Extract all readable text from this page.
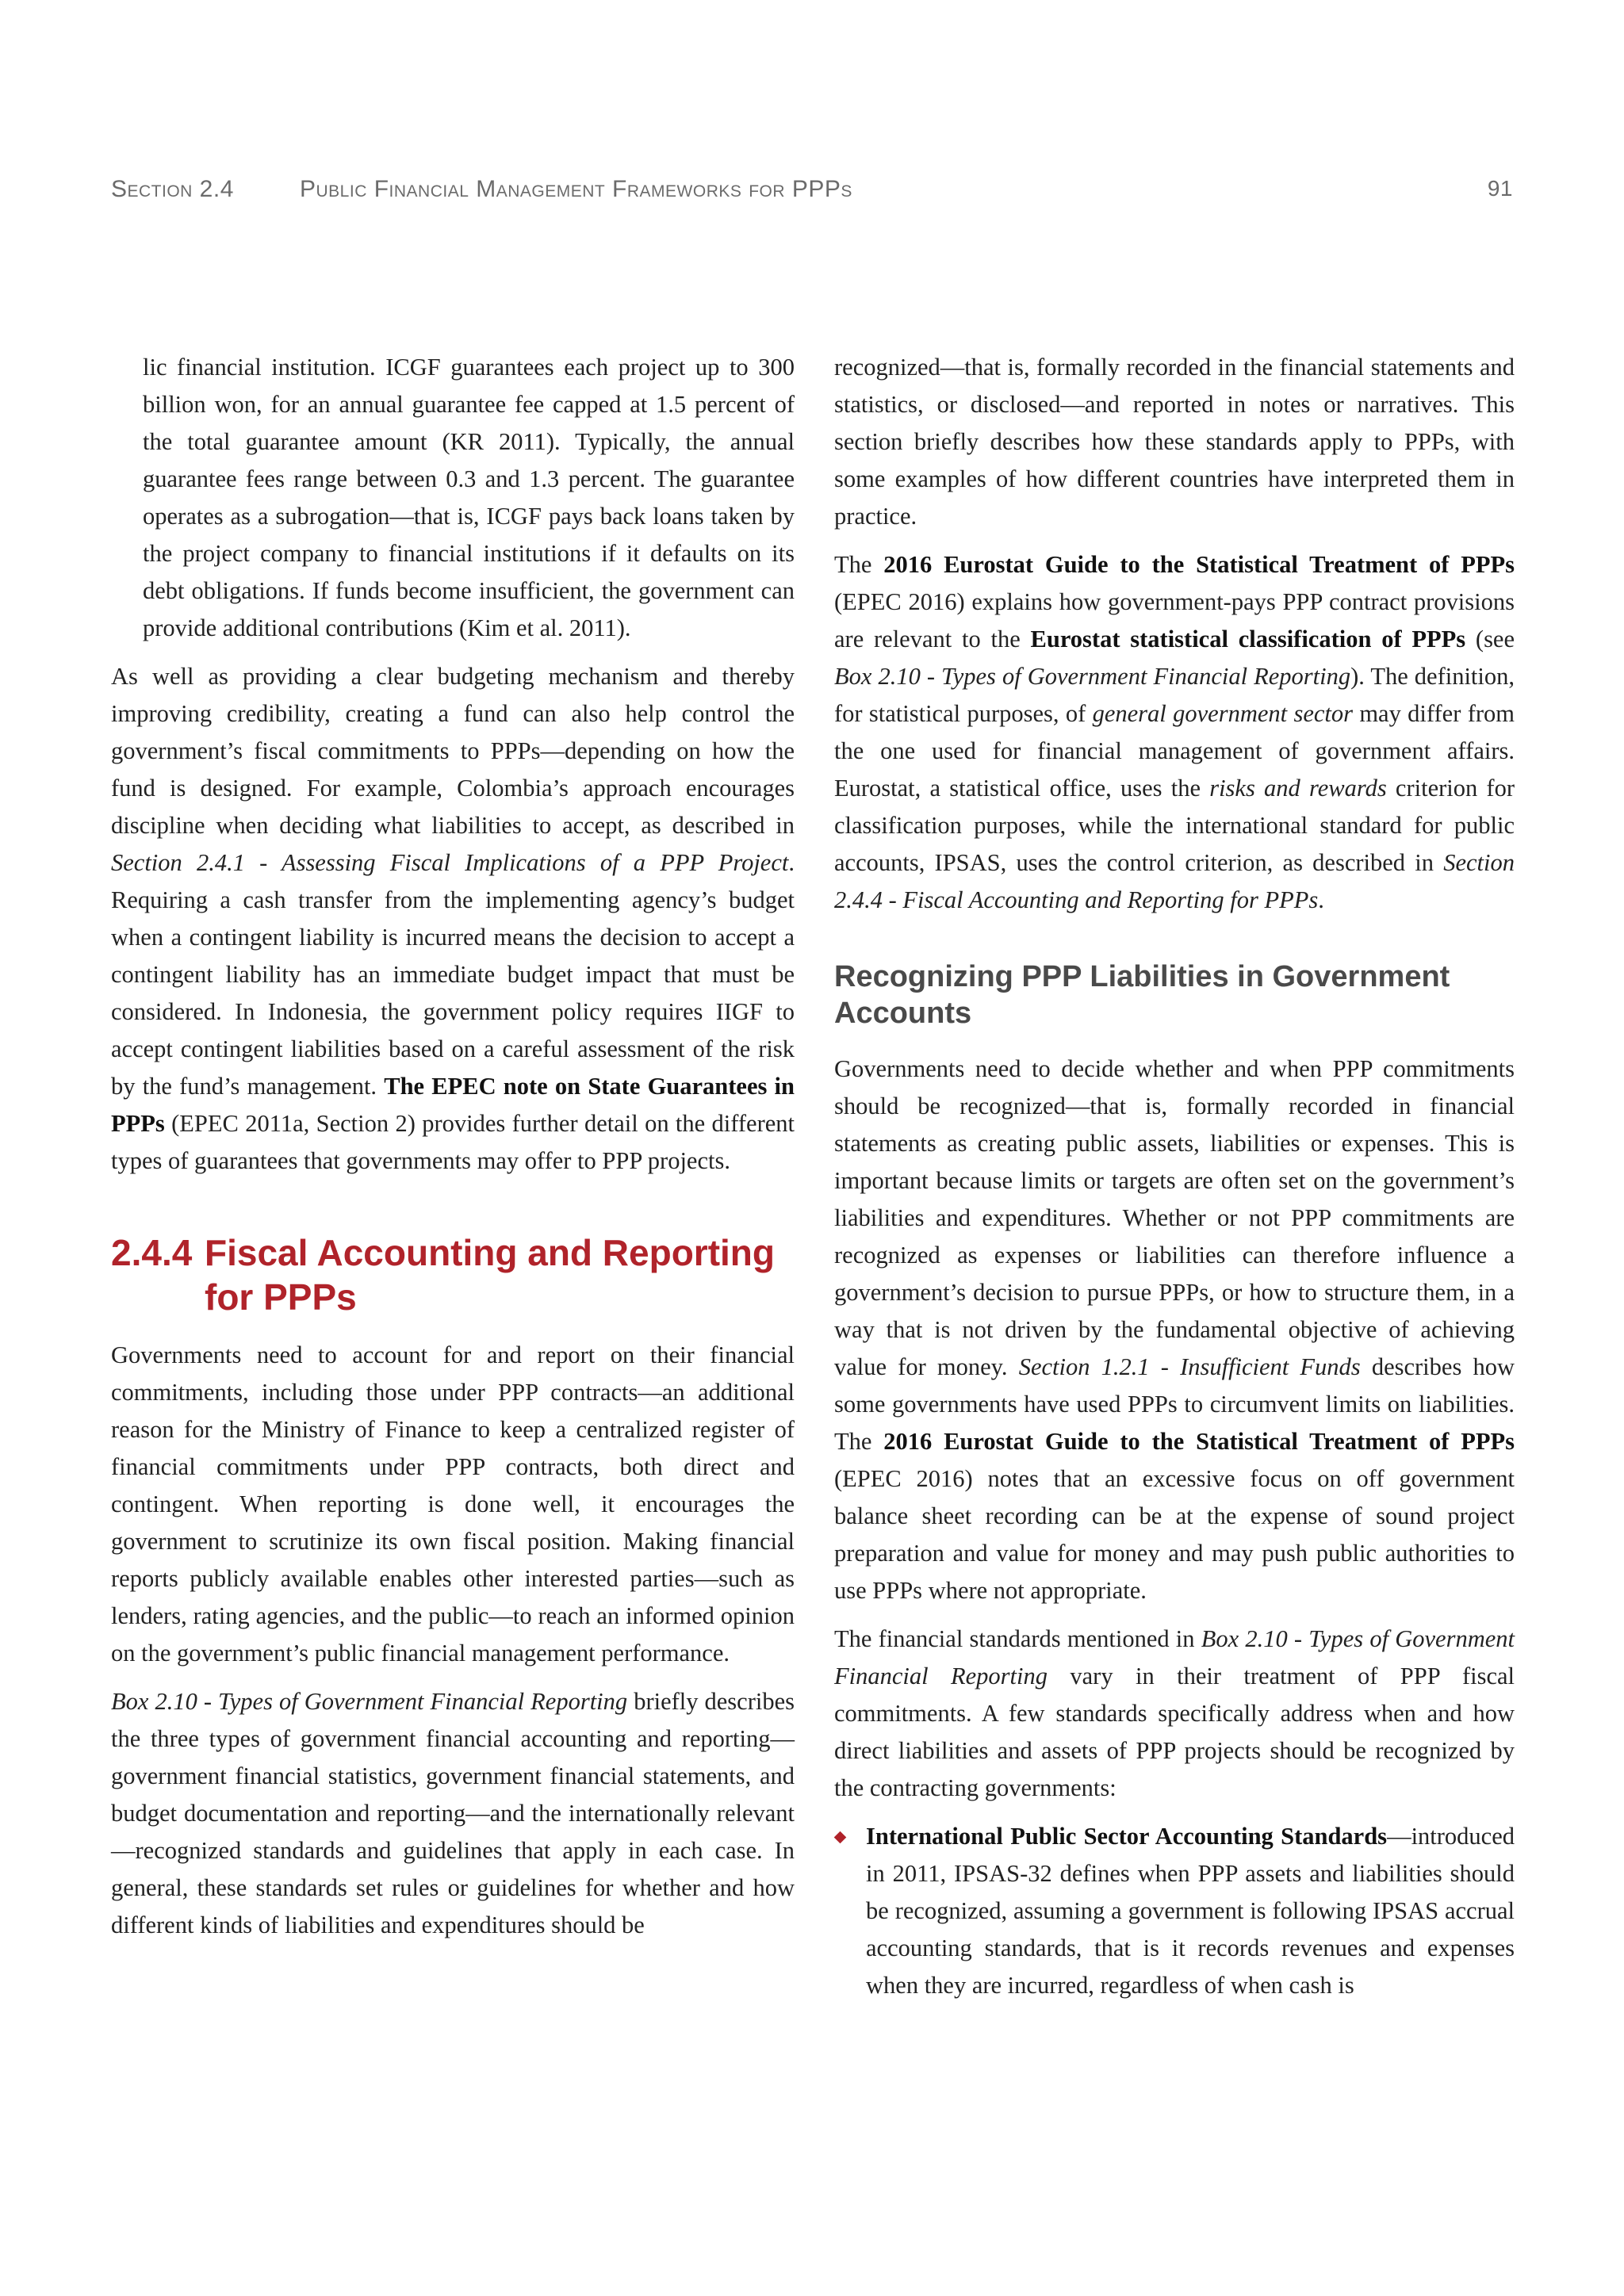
Section 2.4	Public Financial Management Frameworks for PPPs	91

lic financial institution. ICGF guarantees each project up to 300 billion won, for an annual guarantee fee capped at 1.5 percent of the total guarantee amount (KR 2011). Typically, the annual guarantee fees range between 0.3 and 1.3 percent. The guarantee operates as a subrogation—that is, ICGF pays back loans taken by the project company to financial institutions if it defaults on its debt obligations. If funds become insufficient, the government can provide additional contributions (Kim et al. 2011).

As well as providing a clear budgeting mechanism and thereby improving credibility, creating a fund can also help control the government’s fiscal commitments to PPPs—depending on how the fund is designed. For example, Colombia’s approach encourages discipline when deciding what liabilities to accept, as described in Section 2.4.1 - Assessing Fiscal Implications of a PPP Project. Requiring a cash transfer from the implementing agency’s budget when a contingent liability is incurred means the decision to accept a contingent liability has an immediate budget impact that must be considered. In Indonesia, the government policy requires IIGF to accept contingent liabilities based on a careful assessment of the risk by the fund’s management. The EPEC note on State Guarantees in PPPs (EPEC 2011a, Section 2) provides further detail on the different types of guarantees that governments may offer to PPP projects.

2.4.4 Fiscal Accounting and Reporting for PPPs

Governments need to account for and report on their financial commitments, including those under PPP contracts—an additional reason for the Ministry of Finance to keep a centralized register of financial commitments under PPP contracts, both direct and contingent. When reporting is done well, it encourages the government to scrutinize its own fiscal position. Making financial reports publicly available enables other interested parties—such as lenders, rating agencies, and the public—to reach an informed opinion on the government’s public financial management performance.

Box 2.10 - Types of Government Financial Reporting briefly describes the three types of government financial accounting and reporting—government financial statistics, government financial statements, and budget documentation and reporting—and the internationally relevant—recognized standards and guidelines that apply in each case. In general, these standards set rules or guidelines for whether and how different kinds of liabilities and expenditures should be

recognized—that is, formally recorded in the financial statements and statistics, or disclosed—and reported in notes or narratives. This section briefly describes how these standards apply to PPPs, with some examples of how different countries have interpreted them in practice.

The 2016 Eurostat Guide to the Statistical Treatment of PPPs (EPEC 2016) explains how government-pays PPP contract provisions are relevant to the Eurostat statistical classification of PPPs (see Box 2.10 - Types of Government Financial Reporting). The definition, for statistical purposes, of general government sector may differ from the one used for financial management of government affairs. Eurostat, a statistical office, uses the risks and rewards criterion for classification purposes, while the international standard for public accounts, IPSAS, uses the control criterion, as described in Section 2.4.4 - Fiscal Accounting and Reporting for PPPs.

Recognizing PPP Liabilities in Government Accounts

Governments need to decide whether and when PPP commitments should be recognized—that is, formally recorded in financial statements as creating public assets, liabilities or expenses. This is important because limits or targets are often set on the government’s liabilities and expenditures. Whether or not PPP commitments are recognized as expenses or liabilities can therefore influence a government’s decision to pursue PPPs, or how to structure them, in a way that is not driven by the fundamental objective of achieving value for money. Section 1.2.1 - Insufficient Funds describes how some governments have used PPPs to circumvent limits on liabilities. The 2016 Eurostat Guide to the Statistical Treatment of PPPs (EPEC 2016) notes that an excessive focus on off government balance sheet recording can be at the expense of sound project preparation and value for money and may push public authorities to use PPPs where not appropriate.

The financial standards mentioned in Box 2.10 - Types of Government Financial Reporting vary in their treatment of PPP fiscal commitments. A few standards specifically address when and how direct liabilities and assets of PPP projects should be recognized by the contracting governments:

International Public Sector Accounting Standards—introduced in 2011, IPSAS-32 defines when PPP assets and liabilities should be recognized, assuming a government is following IPSAS accrual accounting standards, that is it records revenues and expenses when they are incurred, regardless of when cash is
